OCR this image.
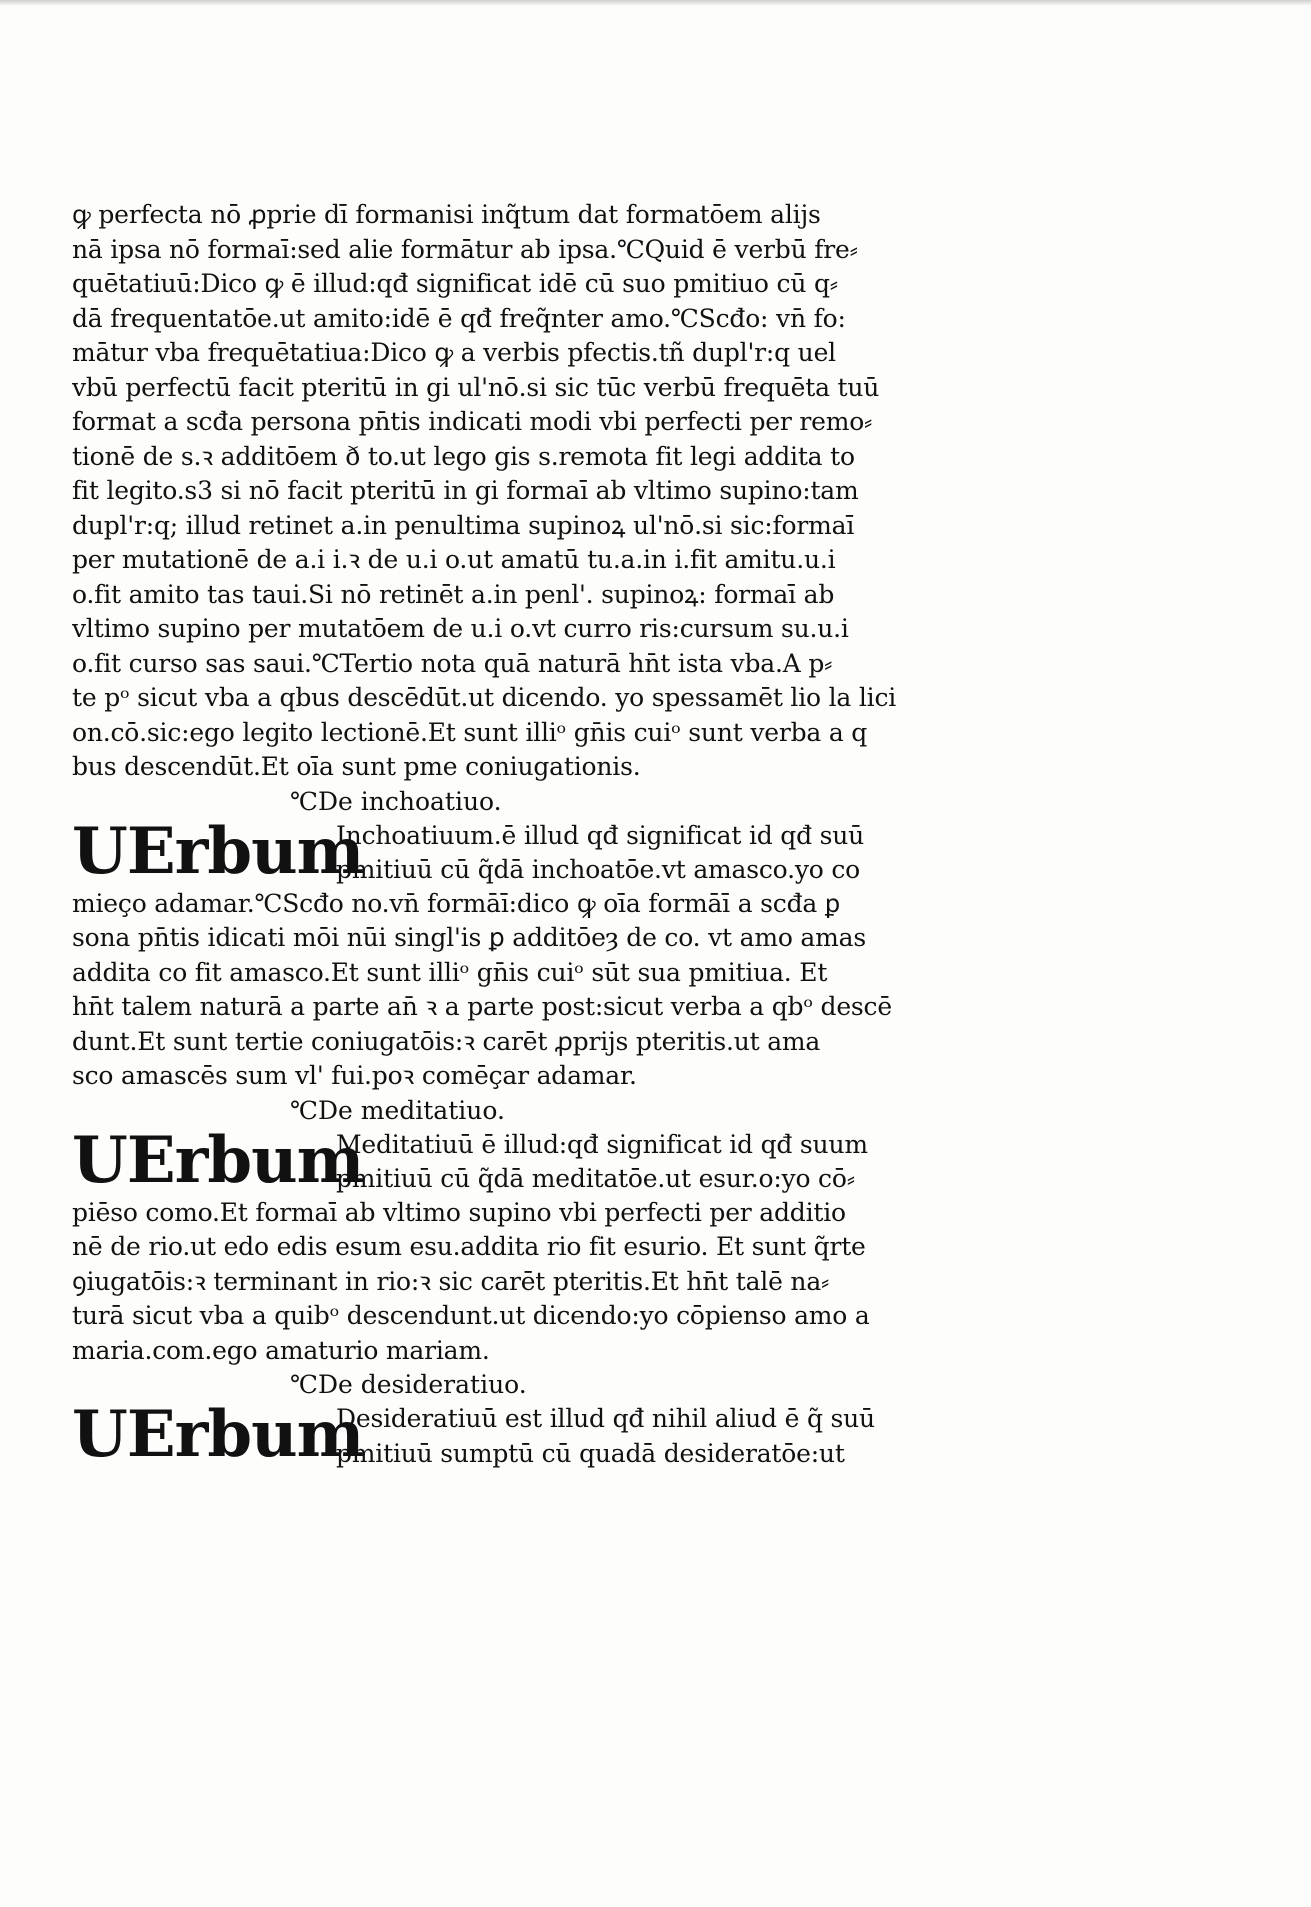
ꝙ perfecta nō ꝓprie dī formanisi inq̃tum dat formatōem alijs
nā ipsa nō formaī:sed alie formātur ab ipsa.℃Quid ē verbū fre⸗
quētatiuū:Dico ꝙ ē illud:qđ significat idē cū suo pmitiuo cū q⸗
dā frequentatōe.ut amito:idē ē qđ freq̃nter amo.℃Scđo: vn̄ fo:
mātur vba frequētatiua:Dico ꝙ a verbis pfectis.tñ dupl'r:q uel
vbū perfectū facit pteritū in gi ul'nō.si sic tūc verbū frequēta tuū
format a scđa persona pn̄tis indicati modi vbi perfecti per remo⸗
tionē de s.ꝛ additōem ð to.ut lego gis s.remota fit legi addita to
fit legito.s3 si nō facit pteritū in gi formaī ab vltimo supino:tam
dupl'r:q; illud retinet a.in penultima supinoꝝ ul'nō.si sic:formaī
per mutationē de a.i i.ꝛ de u.i o.ut amatū tu.a.in i.fit amitu.u.i
o.fit amito tas taui.Si nō retinēt a.in penl'. supinoꝝ: formaī ab
vltimo supino per mutatōem de u.i o.vt curro ris:cursum su.u.i
o.fit curso sas saui.℃Tertio nota quā naturā hn̄t ista vba.A p⸗
te pᵒ sicut vba a qbus descēdūt.ut dicendo. yo spessamēt lio la lici
on.cō.sic:ego legito lectionē.Et sunt illiᵒ gn̄is cuiᵒ sunt verba a q
bus descendūt.Et oīa sunt pme coniugationis.
℃De inchoatiuo.
UErbum
Inchoatiuum.ē illud qđ significat id qđ suū
pmitiuū cū q̃dā inchoatōe.vt amasco.yo co
mieço adamar.℃Scđo no.vn̄ formāī:dico ꝙ oīa formāī a scđa ꝑ
sona pn̄tis idicati mōi nūi singl'is ꝑ additōeȝ de co. vt amo amas
addita co fit amasco.Et sunt illiᵒ gn̄is cuiᵒ sūt sua pmitiua. Et
hn̄t talem naturā a parte an̄ ꝛ a parte post:sicut verba a qbᵒ descē
dunt.Et sunt tertie coniugatōis:ꝛ carēt ꝓprijs pteritis.ut ama
sco amascēs sum vl' fui.poꝛ comēçar adamar.
℃De meditatiuo.
UErbum
Meditatiuū ē illud:qđ significat id qđ suum
pmitiuū cū q̃dā meditatōe.ut esur.o:yo cō⸗
piēso como.Et formaī ab vltimo supino vbi perfecti per additio
nē de rio.ut edo edis esum esu.addita rio fit esurio. Et sunt q̃rte
ꝯiugatōis:ꝛ terminant in rio:ꝛ sic carēt pteritis.Et hn̄t talē na⸗
turā sicut vba a quibᵒ descendunt.ut dicendo:yo cōpienso amo a
maria.com.ego amaturio mariam.
℃De desideratiuo.
UErbum
Desideratiuū est illud qđ nihil aliud ē q̃ suū
pmitiuū sumptū cū quadā desideratōe:ut
